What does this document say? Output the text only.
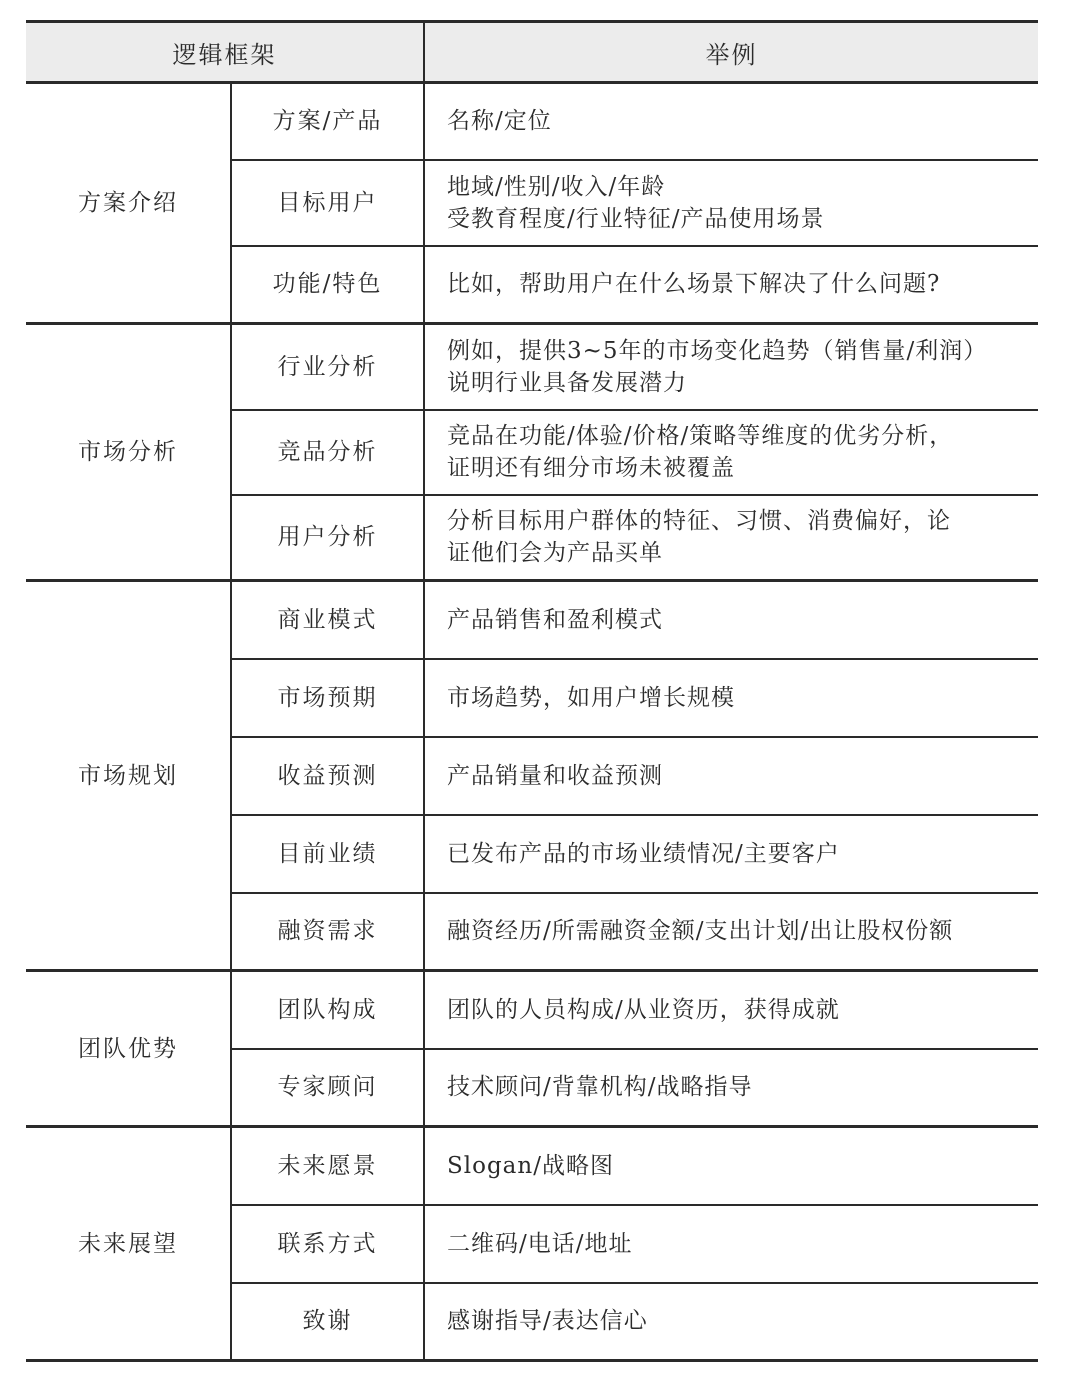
逻辑框架		举例
方案介绍	方案/产品	名称/定位

	目标用户	地域/性别/收入/年龄
受教育程度/行业特征/产品使用场景

	功能/特色	比如，帮助用户在什么场景下解决了什么问题?

市场分析	行业分析	例如，提供3~5年的市场变化趋势（销售量/利润）
说明行业具备发展潜力

	竞品分析	竞品在功能/体验/价格/策略等维度的优劣分析，
证明还有细分市场未被覆盖

	用户分析	分析目标用户群体的特征、习惯、消费偏好，论
证他们会为产品买单

市场规划	商业模式	产品销售和盈利模式

	市场预期	市场趋势，如用户增长规模

	收益预测	产品销量和收益预测

	目前业绩	已发布产品的市场业绩情况/主要客户

	融资需求	融资经历/所需融资金额/支出计划/出让股权份额

团队优势	团队构成	团队的人员构成/从业资历，获得成就

	专家顾问	技术顾问/背靠机构/战略指导

未来展望	未来愿景	Slogan/战略图

	联系方式	二维码/电话/地址

	致谢	感谢指导/表达信心
